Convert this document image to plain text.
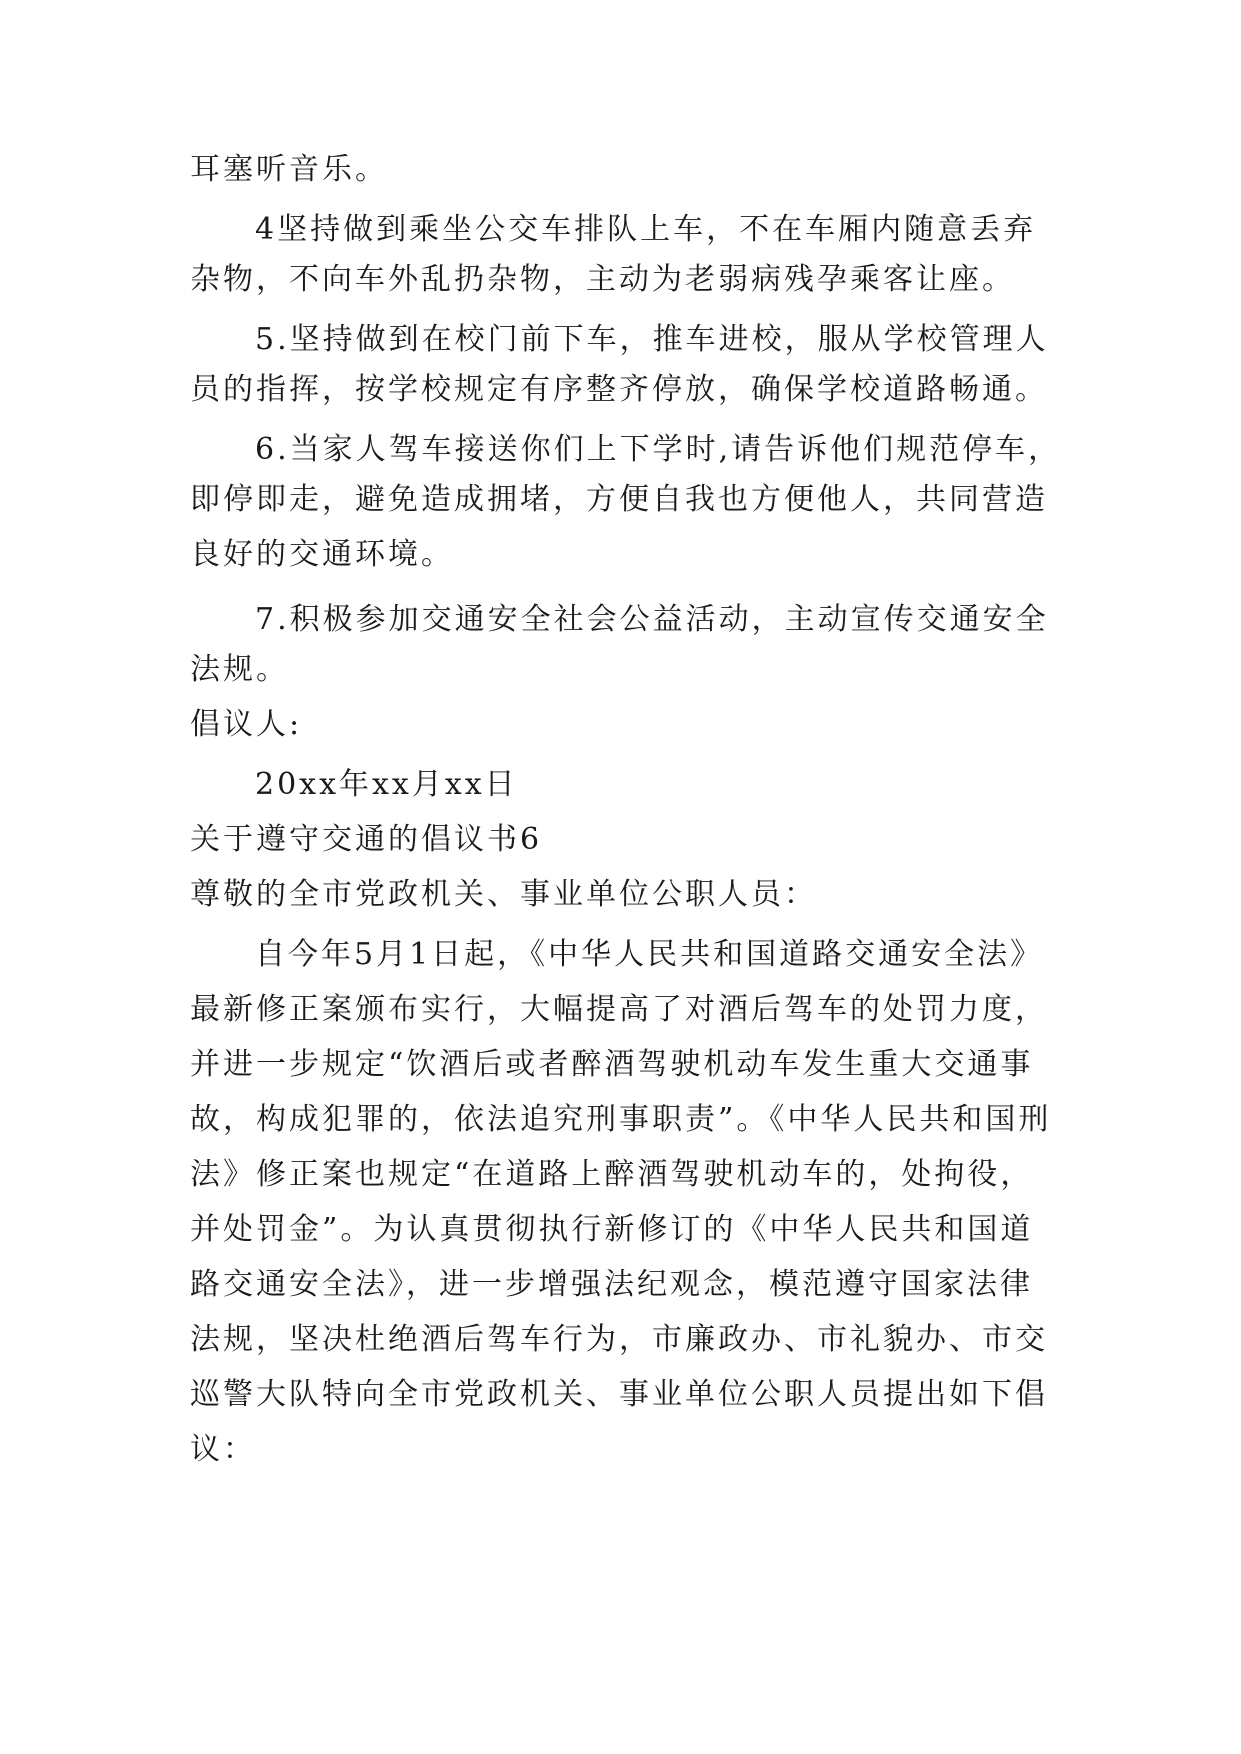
耳塞听音乐。
4坚持做到乘坐公交车排队上车，不在车厢内随意丢弃
杂物，不向车外乱扔杂物，主动为老弱病残孕乘客让座。
5.坚持做到在校门前下车，推车进校，服从学校管理人
员的指挥，按学校规定有序整齐停放，确保学校道路畅通。
6.当家人驾车接送你们上下学时,请告诉他们规范停车，
即停即走，避免造成拥堵，方便自我也方便他人，共同营造
良好的交通环境。
7.积极参加交通安全社会公益活动，主动宣传交通安全
法规。
倡议人:
20xx年xx月xx日
关于遵守交通的倡议书6
尊敬的全市党政机关、事业单位公职人员：
自今年5月1日起，《中华人民共和国道路交通安全法》
最新修正案颁布实行，大幅提高了对酒后驾车的处罚力度，
并进一步规定“饮酒后或者醉酒驾驶机动车发生重大交通事
故，构成犯罪的，依法追究刑事职责”。《中华人民共和国刑
法》修正案也规定“在道路上醉酒驾驶机动车的，处拘役，
并处罚金”。为认真贯彻执行新修订的《中华人民共和国道
路交通安全法》，进一步增强法纪观念，模范遵守国家法律
法规，坚决杜绝酒后驾车行为，市廉政办、市礼貌办、市交
巡警大队特向全市党政机关、事业单位公职人员提出如下倡
议：
